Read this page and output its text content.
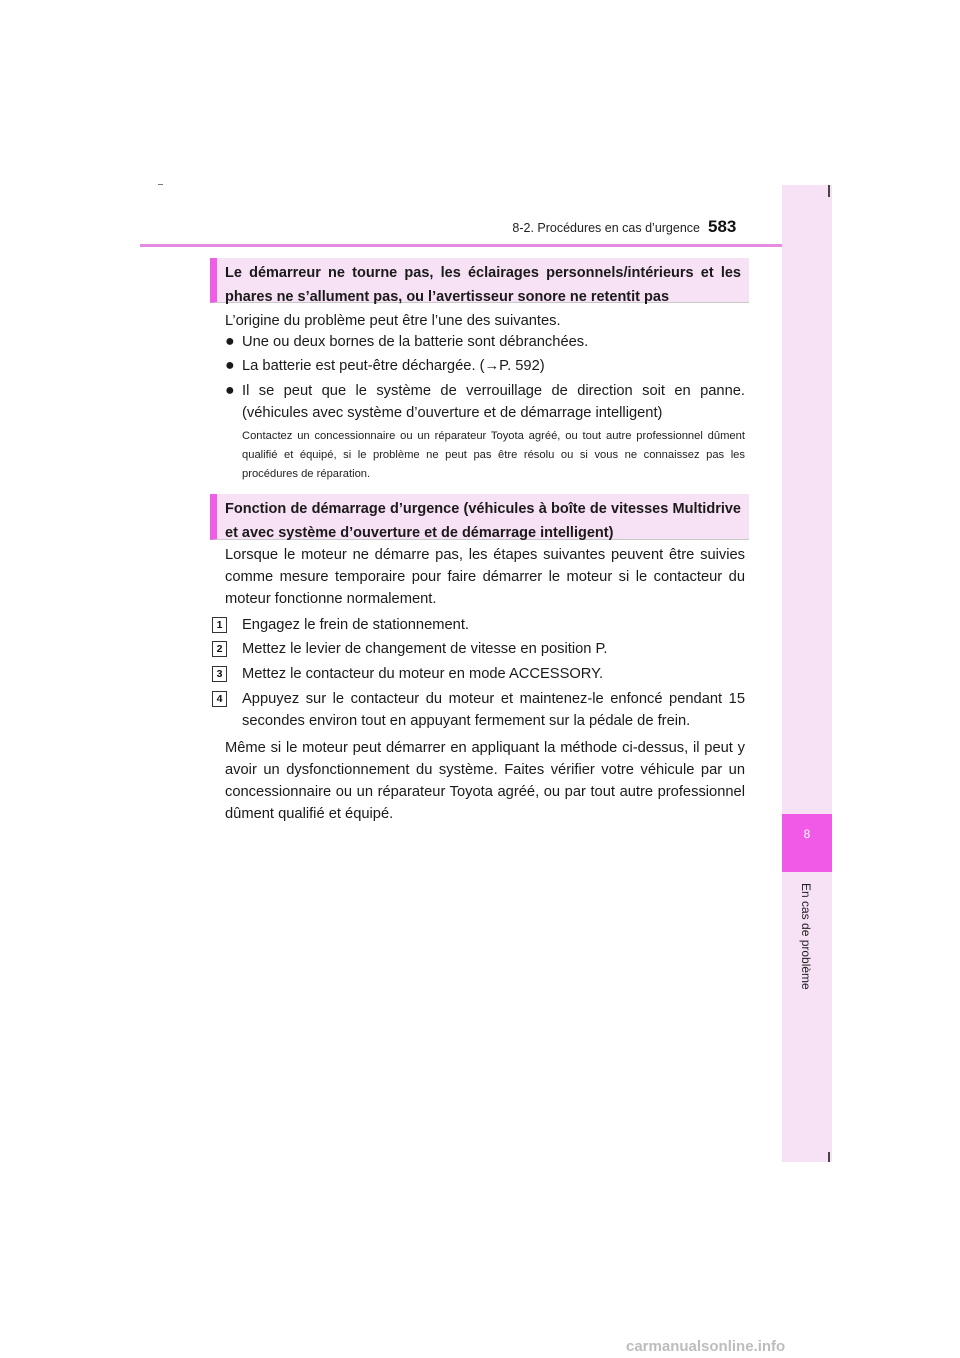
8-2. Procédures en cas d’urgence 583
8
En cas de problème
Le démarreur ne tourne pas, les éclairages personnels/intérieurs et les phares ne s’allument pas, ou l’avertisseur sonore ne retentit pas
L’origine du problème peut être l’une des suivantes.
● Une ou deux bornes de la batterie sont débranchées.
● La batterie est peut-être déchargée. (→P. 592)
● Il se peut que le système de verrouillage de direction soit en panne. (véhicules avec système d’ouverture et de démarrage intelligent)
Contactez un concessionnaire ou un réparateur Toyota agréé, ou tout autre professionnel dûment qualifié et équipé, si le problème ne peut pas être résolu ou si vous ne connaissez pas les procédures de réparation.
Fonction de démarrage d’urgence (véhicules à boîte de vitesses Multidrive et avec système d’ouverture et de démarrage intelligent)
Lorsque le moteur ne démarre pas, les étapes suivantes peuvent être suivies comme mesure temporaire pour faire démarrer le moteur si le contacteur du moteur fonctionne normalement.
1	Engagez le frein de stationnement.
2	Mettez le levier de changement de vitesse en position P.
3	Mettez le contacteur du moteur en mode ACCESSORY.
4	Appuyez sur le contacteur du moteur et maintenez-le enfoncé pendant 15 secondes environ tout en appuyant fermement sur la pédale de frein.
Même si le moteur peut démarrer en appliquant la méthode ci-dessus, il peut y avoir un dysfonctionnement du système. Faites vérifier votre véhicule par un concessionnaire ou un réparateur Toyota agréé, ou par tout autre professionnel dûment qualifié et équipé.
carmanualsonline.info
